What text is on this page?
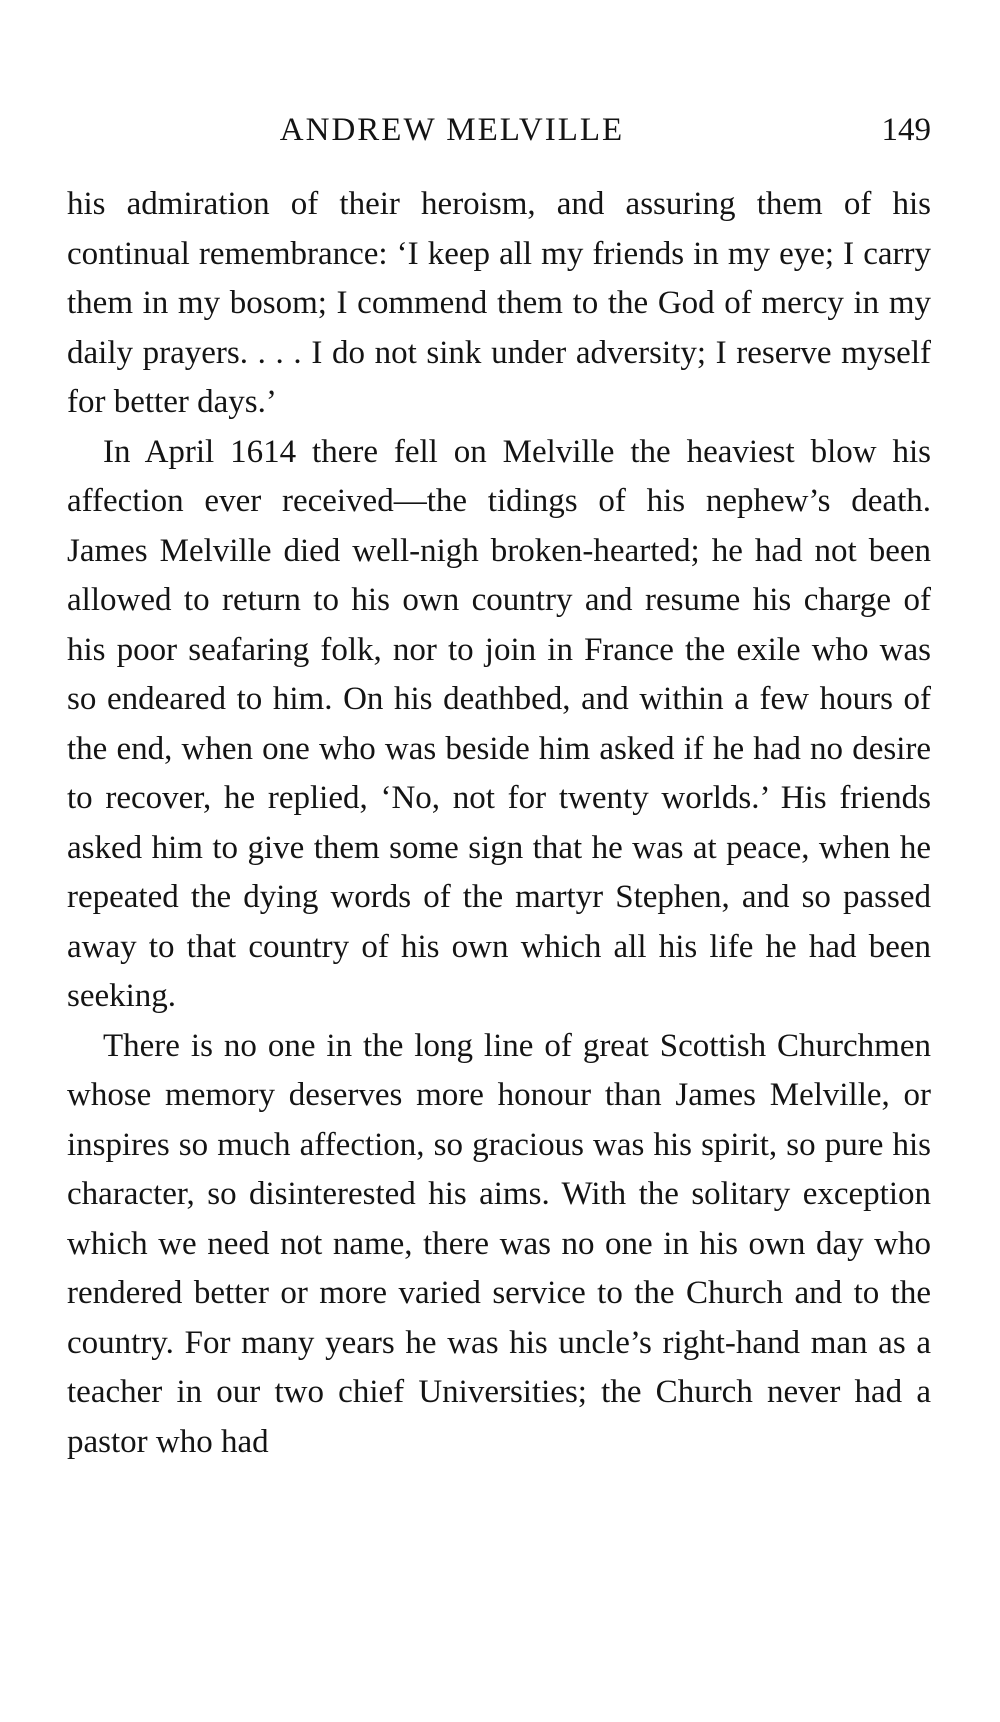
ANDREW MELVILLE	149

his admiration of their heroism, and assuring them of his continual remembrance: ‘I keep all my friends in my eye; I carry them in my bosom; I commend them to the God of mercy in my daily prayers. . . . I do not sink under adversity; I reserve myself for better days.’

In April 1614 there fell on Melville the heaviest blow his affection ever received—the tidings of his nephew’s death. James Melville died well-nigh broken-hearted; he had not been allowed to return to his own country and resume his charge of his poor seafaring folk, nor to join in France the exile who was so endeared to him. On his deathbed, and within a few hours of the end, when one who was beside him asked if he had no desire to recover, he replied, ‘No, not for twenty worlds.’ His friends asked him to give them some sign that he was at peace, when he repeated the dying words of the martyr Stephen, and so passed away to that country of his own which all his life he had been seeking.

There is no one in the long line of great Scottish Churchmen whose memory deserves more honour than James Melville, or inspires so much affection, so gracious was his spirit, so pure his character, so disinterested his aims. With the solitary exception which we need not name, there was no one in his own day who rendered better or more varied service to the Church and to the country. For many years he was his uncle’s right-hand man as a teacher in our two chief Universities; the Church never had a pastor who had
